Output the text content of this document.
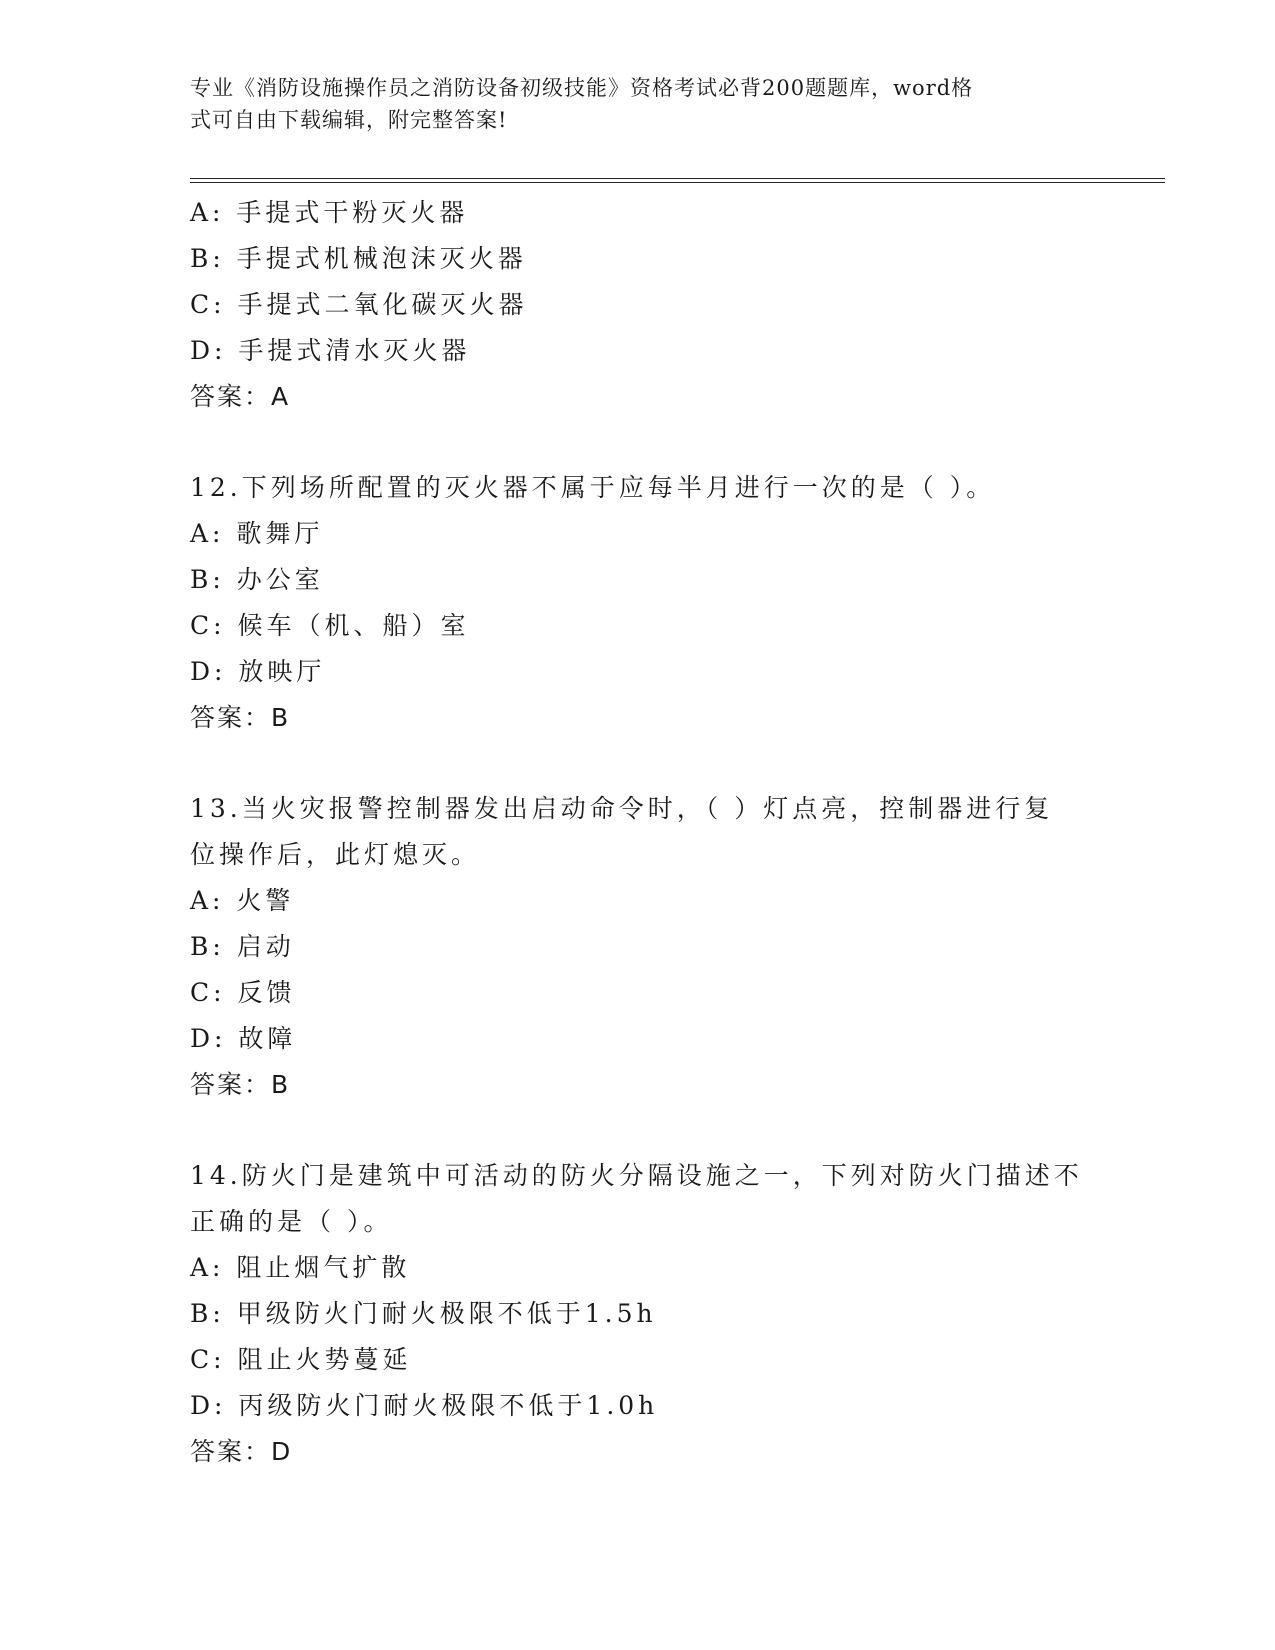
专业《消防设施操作员之消防设备初级技能》资格考试必背200题题库，word格
式可自由下载编辑，附完整答案!
A: 手提式干粉灭火器
B: 手提式机械泡沫灭火器
C: 手提式二氧化碳灭火器
D: 手提式清水灭火器
答案：A
12.下列场所配置的灭火器不属于应每半月进行一次的是（ ）。
A: 歌舞厅
B: 办公室
C: 候车（机、船）室
D: 放映厅
答案：B
13.当火灾报警控制器发出启动命令时，（ ）灯点亮，控制器进行复
位操作后，此灯熄灭。
A: 火警
B: 启动
C: 反馈
D: 故障
答案：B
14.防火门是建筑中可活动的防火分隔设施之一，下列对防火门描述不
正确的是（ ）。
A: 阻止烟气扩散
B: 甲级防火门耐火极限不低于1.5h
C: 阻止火势蔓延
D: 丙级防火门耐火极限不低于1.0h
答案：D
